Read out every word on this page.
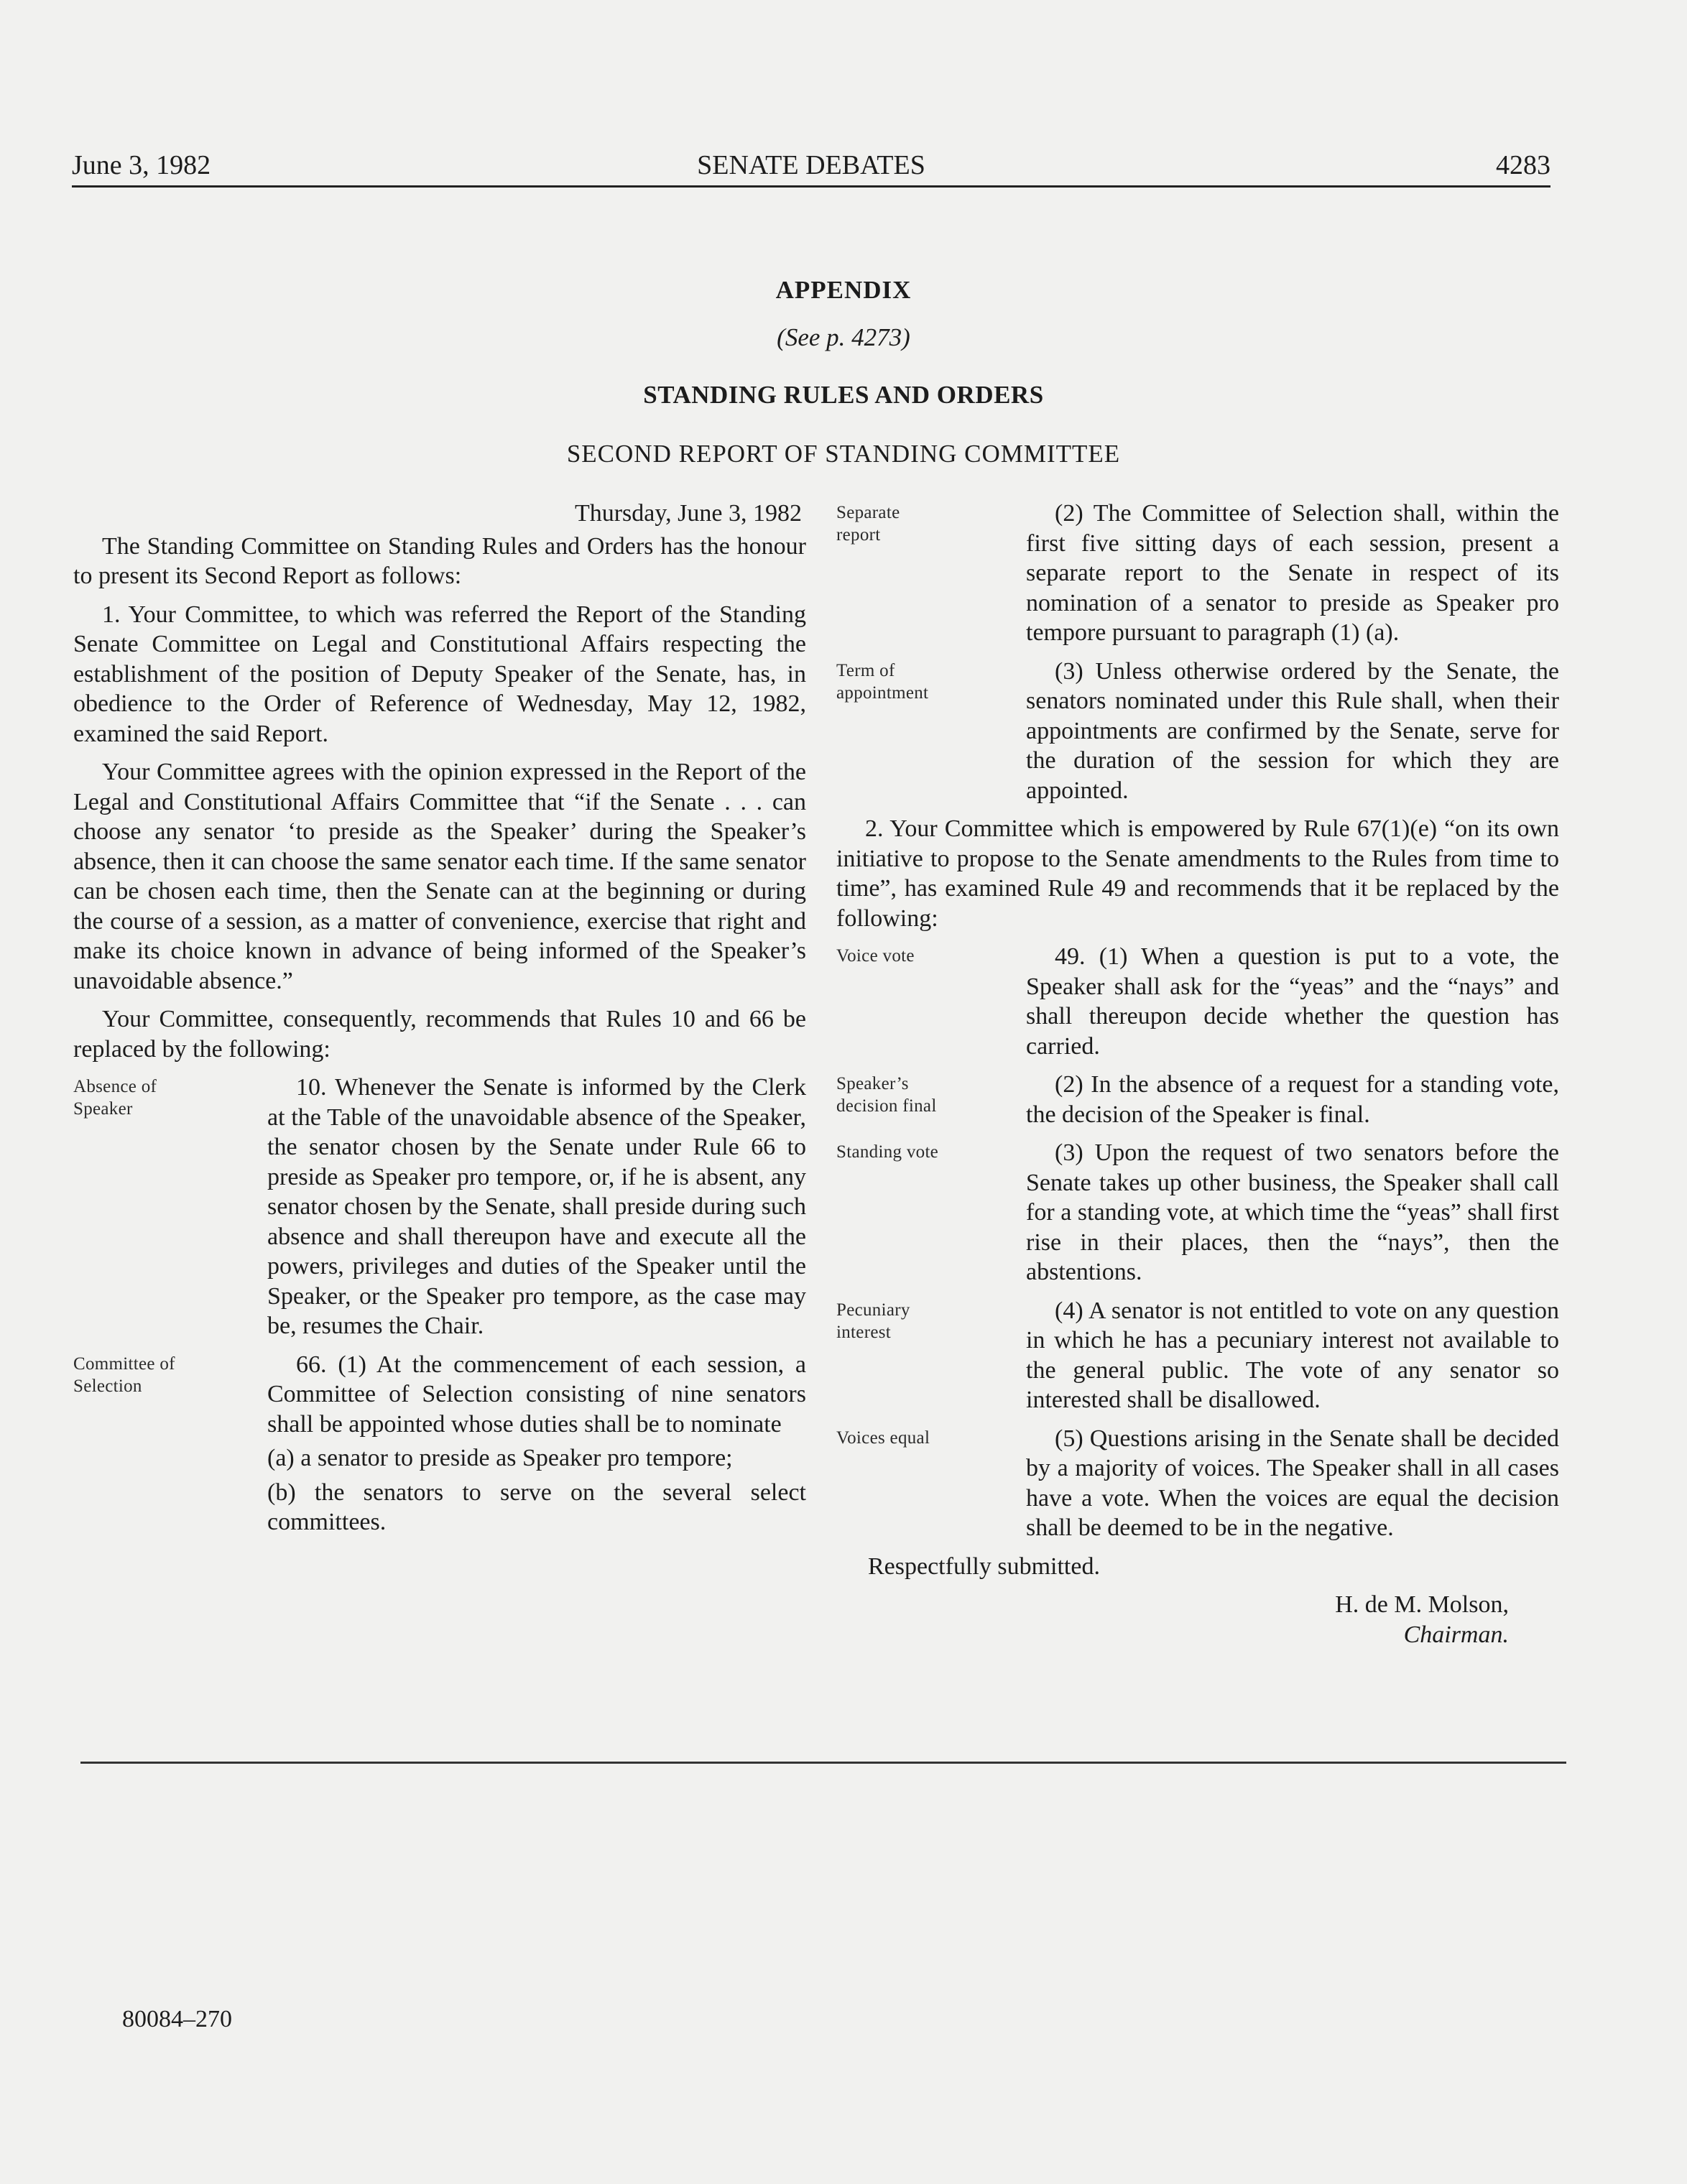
June 3, 1982	SENATE DEBATES	4283
APPENDIX
(See p. 4273)
STANDING RULES AND ORDERS
SECOND REPORT OF STANDING COMMITTEE

Thursday, June 3, 1982

The Standing Committee on Standing Rules and Orders has the honour to present its Second Report as follows:

1. Your Committee, to which was referred the Report of the Standing Senate Committee on Legal and Constitutional Affairs respecting the establishment of the position of Deputy Speaker of the Senate, has, in obedience to the Order of Reference of Wednesday, May 12, 1982, examined the said Report.

Your Committee agrees with the opinion expressed in the Report of the Legal and Constitutional Affairs Committee that “if the Senate . . . can choose any senator ‘to preside as the Speaker’ during the Speaker’s absence, then it can choose the same senator each time. If the same senator can be chosen each time, then the Senate can at the beginning or during the course of a session, as a matter of convenience, exercise that right and make its choice known in advance of being informed of the Speaker’s unavoidable absence.”

Your Committee, consequently, recommends that Rules 10 and 66 be replaced by the following:

Absence of Speaker

10. Whenever the Senate is informed by the Clerk at the Table of the unavoidable absence of the Speaker, the senator chosen by the Senate under Rule 66 to preside as Speaker pro tempore, or, if he is absent, any senator chosen by the Senate, shall preside during such absence and shall thereupon have and execute all the powers, privileges and duties of the Speaker until the Speaker, or the Speaker pro tempore, as the case may be, resumes the Chair.

Committee of Selection

66. (1) At the commencement of each session, a Committee of Selection consisting of nine senators shall be appointed whose duties shall be to nominate

(a) a senator to preside as Speaker pro tempore;

(b) the senators to serve on the several select committees.

Separate report

(2) The Committee of Selection shall, within the first five sitting days of each session, present a separate report to the Senate in respect of its nomination of a senator to preside as Speaker pro tempore pursuant to paragraph (1) (a).

Term of appointment

(3) Unless otherwise ordered by the Senate, the senators nominated under this Rule shall, when their appointments are confirmed by the Senate, serve for the duration of the session for which they are appointed.

2. Your Committee which is empowered by Rule 67(1)(e) “on its own initiative to propose to the Senate amendments to the Rules from time to time”, has examined Rule 49 and recommends that it be replaced by the following:

Voice vote	49. (1) When a question is put to a vote, the Speaker shall ask for the “yeas” and the “nays” and shall thereupon decide whether the question has carried.

Speaker’s decision final

(2) In the absence of a request for a standing vote, the decision of the Speaker is final.

Standing vote	(3) Upon the request of two senators before the Senate takes up other business, the Speaker shall call for a standing vote, at which time the “yeas” shall first rise in their places, then the “nays”, then the abstentions.

Pecuniary interest

(4) A senator is not entitled to vote on any question in which he has a pecuniary interest not available to the general public. The vote of any senator so interested shall be disallowed.

Voices equal	(5) Questions arising in the Senate shall be decided by a majority of voices. The Speaker shall in all cases have a vote. When the voices are equal the decision shall be deemed to be in the negative.

Respectfully submitted.

H. de M. Molson,

Chairman.

80084–270
